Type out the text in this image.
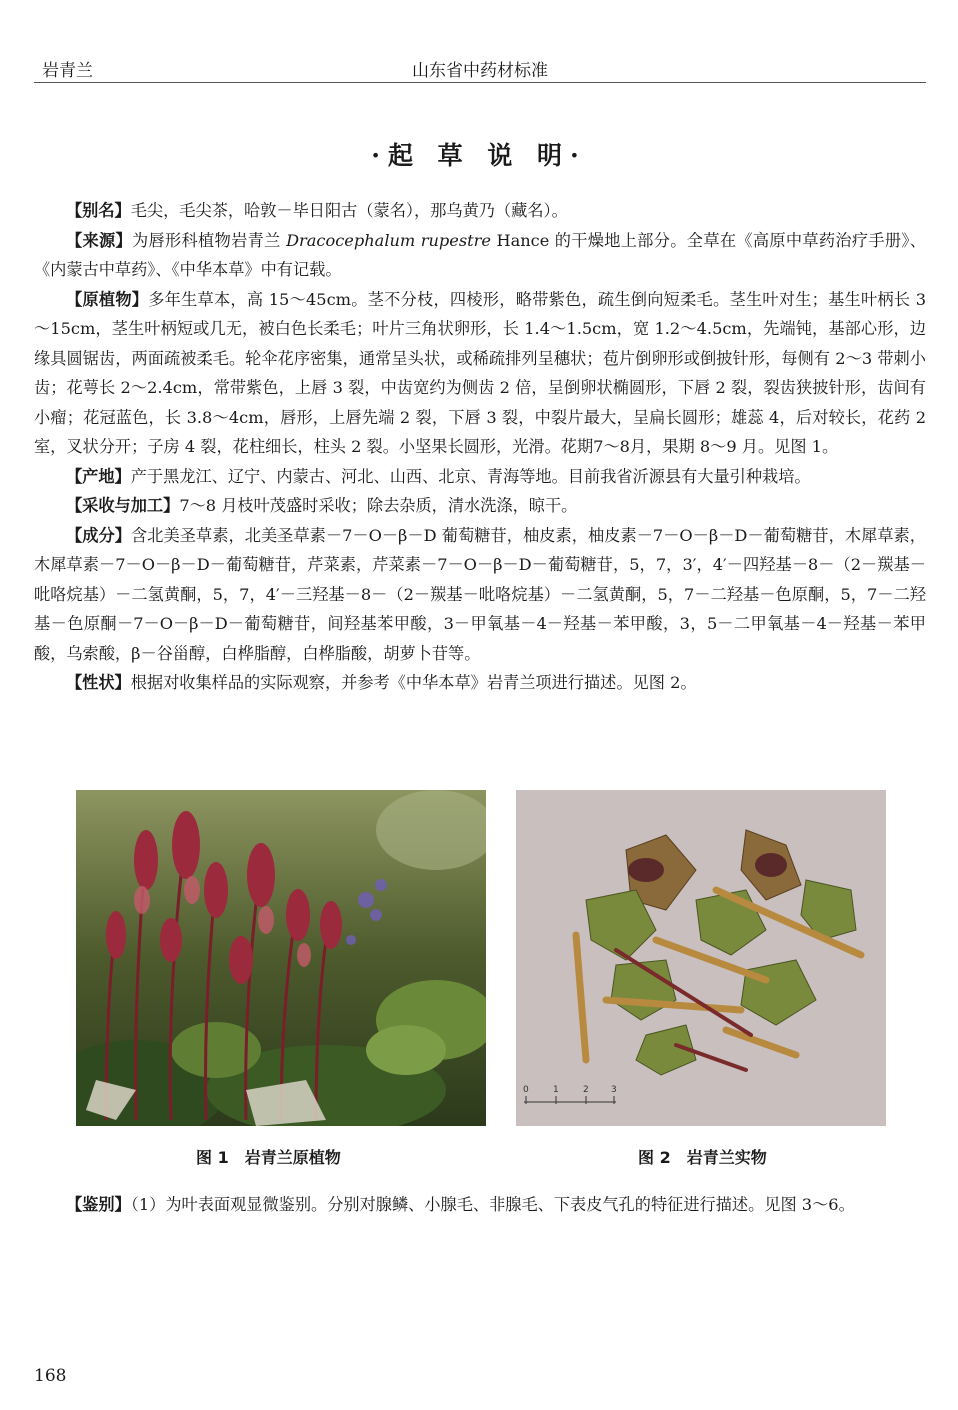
岩青兰	山东省中药材标准
·起 草 说 明·

【别名】毛尖，毛尖茶，哈敦－毕日阳古（蒙名），那乌黄乃（藏名）。

【来源】为唇形科植物岩青兰 Dracocephalum rupestre Hance 的干燥地上部分。全草在《高原中草药治疗手册》、《内蒙古中草药》、《中华本草》中有记载。

【原植物】多年生草本，高 15～45cm。茎不分枝，四棱形，略带紫色，疏生倒向短柔毛。茎生叶对生；基生叶柄长 3～15cm，茎生叶柄短或几无，被白色长柔毛；叶片三角状卵形，长 1.4～1.5cm，宽 1.2～4.5cm，先端钝，基部心形，边缘具圆锯齿，两面疏被柔毛。轮伞花序密集，通常呈头状，或稀疏排列呈穗状；苞片倒卵形或倒披针形，每侧有 2～3 带刺小齿；花萼长 2～2.4cm，常带紫色，上唇 3 裂，中齿宽约为侧齿 2 倍，呈倒卵状椭圆形，下唇 2 裂，裂齿狭披针形，齿间有小瘤；花冠蓝色，长 3.8～4cm，唇形，上唇先端 2 裂，下唇 3 裂，中裂片最大，呈扁长圆形；雄蕊 4，后对较长，花药 2 室，叉状分开；子房 4 裂，花柱细长，柱头 2 裂。小坚果长圆形，光滑。花期7～8月，果期 8～9 月。见图 1。

【产地】产于黑龙江、辽宁、内蒙古、河北、山西、北京、青海等地。目前我省沂源县有大量引种栽培。

【采收与加工】7～8 月枝叶茂盛时采收；除去杂质，清水洗涤，晾干。

【成分】含北美圣草素，北美圣草素－7－O－β－D 葡萄糖苷，柚皮素，柚皮素－7－O－β－D－葡萄糖苷，木犀草素，木犀草素－7－O－β－D－葡萄糖苷，芹菜素，芹菜素－7－O－β－D－葡萄糖苷，5，7，3′，4′－四羟基－8－（2－羰基－吡咯烷基）－二氢黄酮，5，7，4′－三羟基－8－（2－羰基－吡咯烷基）－二氢黄酮，5，7－二羟基－色原酮，5，7－二羟基－色原酮－7－O－β－D－葡萄糖苷，间羟基苯甲酸，3－甲氧基－4－羟基－苯甲酸，3，5－二甲氧基－4－羟基－苯甲酸，乌索酸，β－谷甾醇，白桦脂醇，白桦脂酸，胡萝卜苷等。

【性状】根据对收集样品的实际观察，并参考《中华本草》岩青兰项进行描述。见图 2。

0	1	2 3
图 1　岩青兰原植物	图 2　岩青兰实物

【鉴别】（1）为叶表面观显微鉴别。分别对腺鳞、小腺毛、非腺毛、下表皮气孔的特征进行描述。见图 3～6。

168
